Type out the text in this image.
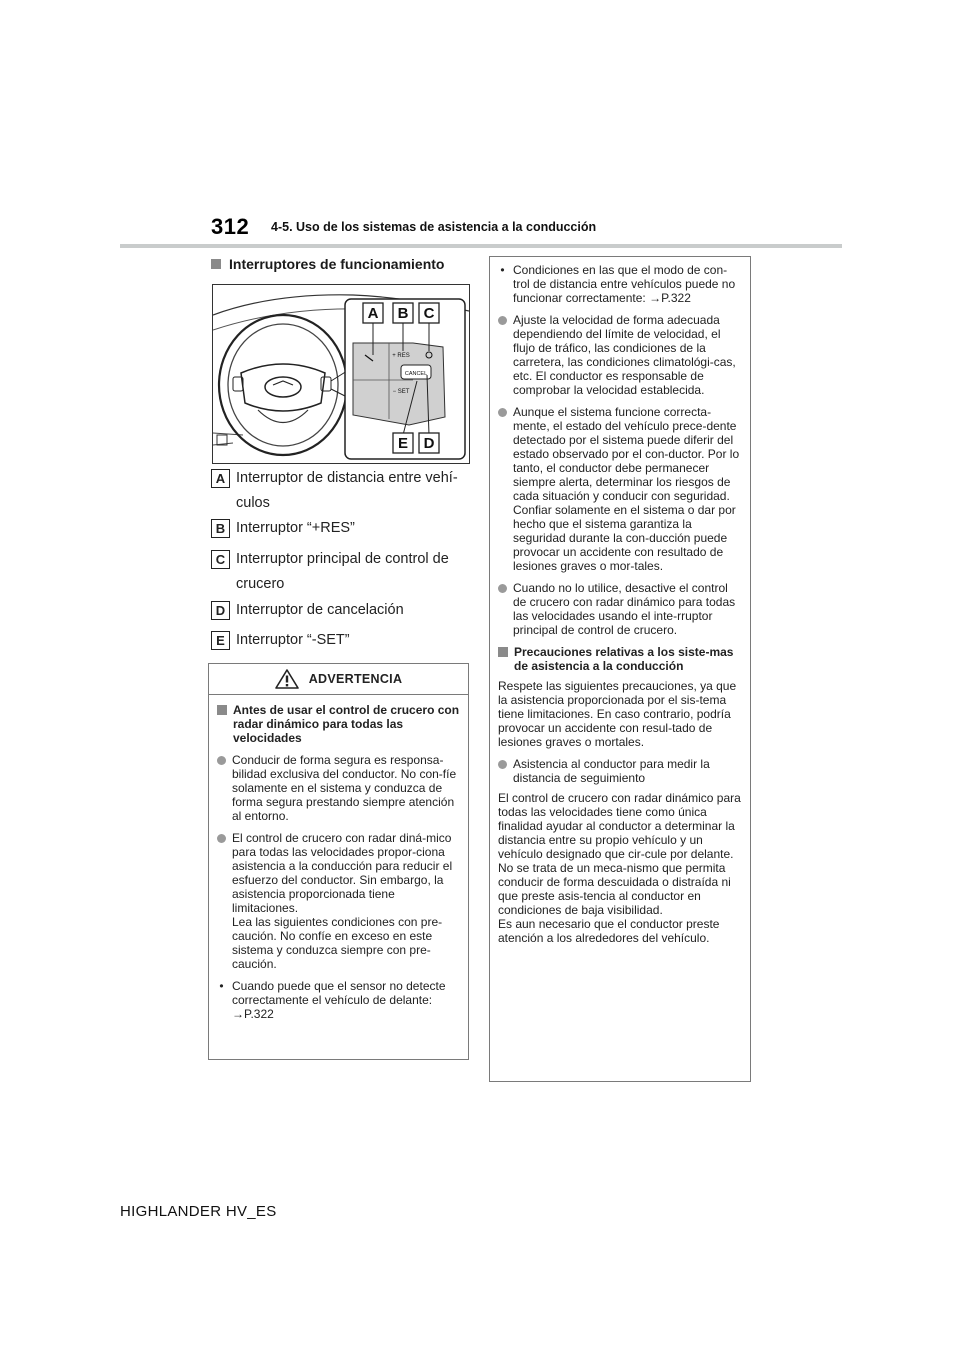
312 4-5. Uso de los sistemas de asistencia a la conducción
Interruptores de funcionamiento
CANCEL
+ RES
− SET
A B C
E D
A Interruptor de distancia entre vehí-
culos
B Interruptor “+RES”
C Interruptor principal de control de
crucero
D Interruptor de cancelación
E Interruptor “-SET”
ADVERTENCIA
Antes de usar el control de crucero con radar dinámico para todas las velocidades
Conducir de forma segura es responsa-bilidad exclusiva del conductor. No con-fíe solamente en el sistema y conduzca de forma segura prestando siempre atención al entorno.
El control de crucero con radar diná-mico para todas las velocidades propor-ciona asistencia a la conducción para reducir el esfuerzo del conductor. Sin embargo, la asistencia proporcionada tiene limitaciones.
Lea las siguientes condiciones con pre-caución. No confíe en exceso en este sistema y conduzca siempre con pre-caución.
• Cuando puede que el sensor no detecte correctamente el vehículo de delante:
→P.322
• Condiciones en las que el modo de con-trol de distancia entre vehículos puede no funcionar correctamente: →P.322
Ajuste la velocidad de forma adecuada dependiendo del límite de velocidad, el flujo de tráfico, las condiciones de la carretera, las condiciones climatológi-cas, etc. El conductor es responsable de comprobar la velocidad establecida.
Aunque el sistema funcione correcta-mente, el estado del vehículo prece-dente detectado por el sistema puede diferir del estado observado por el con-ductor. Por lo tanto, el conductor debe permanecer siempre alerta, determinar los riesgos de cada situación y conducir con seguridad. Confiar solamente en el sistema o dar por hecho que el sistema garantiza la seguridad durante la con-ducción puede provocar un accidente con resultado de lesiones graves o mor-tales.
Cuando no lo utilice, desactive el control de crucero con radar dinámico para todas las velocidades usando el inte-rruptor principal de control de crucero.
Precauciones relativas a los siste-mas de asistencia a la conducción
Respete las siguientes precauciones, ya que la asistencia proporcionada por el sis-tema tiene limitaciones. En caso contrario, podría provocar un accidente con resul-tado de lesiones graves o mortales.
Asistencia al conductor para medir la distancia de seguimiento
El control de crucero con radar dinámico para todas las velocidades tiene como única finalidad ayudar al conductor a determinar la distancia entre su propio vehículo y un vehículo designado que cir-cule por delante. No se trata de un meca-nismo que permita conducir de forma descuidada o distraída ni que preste asis-tencia al conductor en condiciones de baja visibilidad.
Es aun necesario que el conductor preste atención a los alrededores del vehículo.
HIGHLANDER HV_ES
